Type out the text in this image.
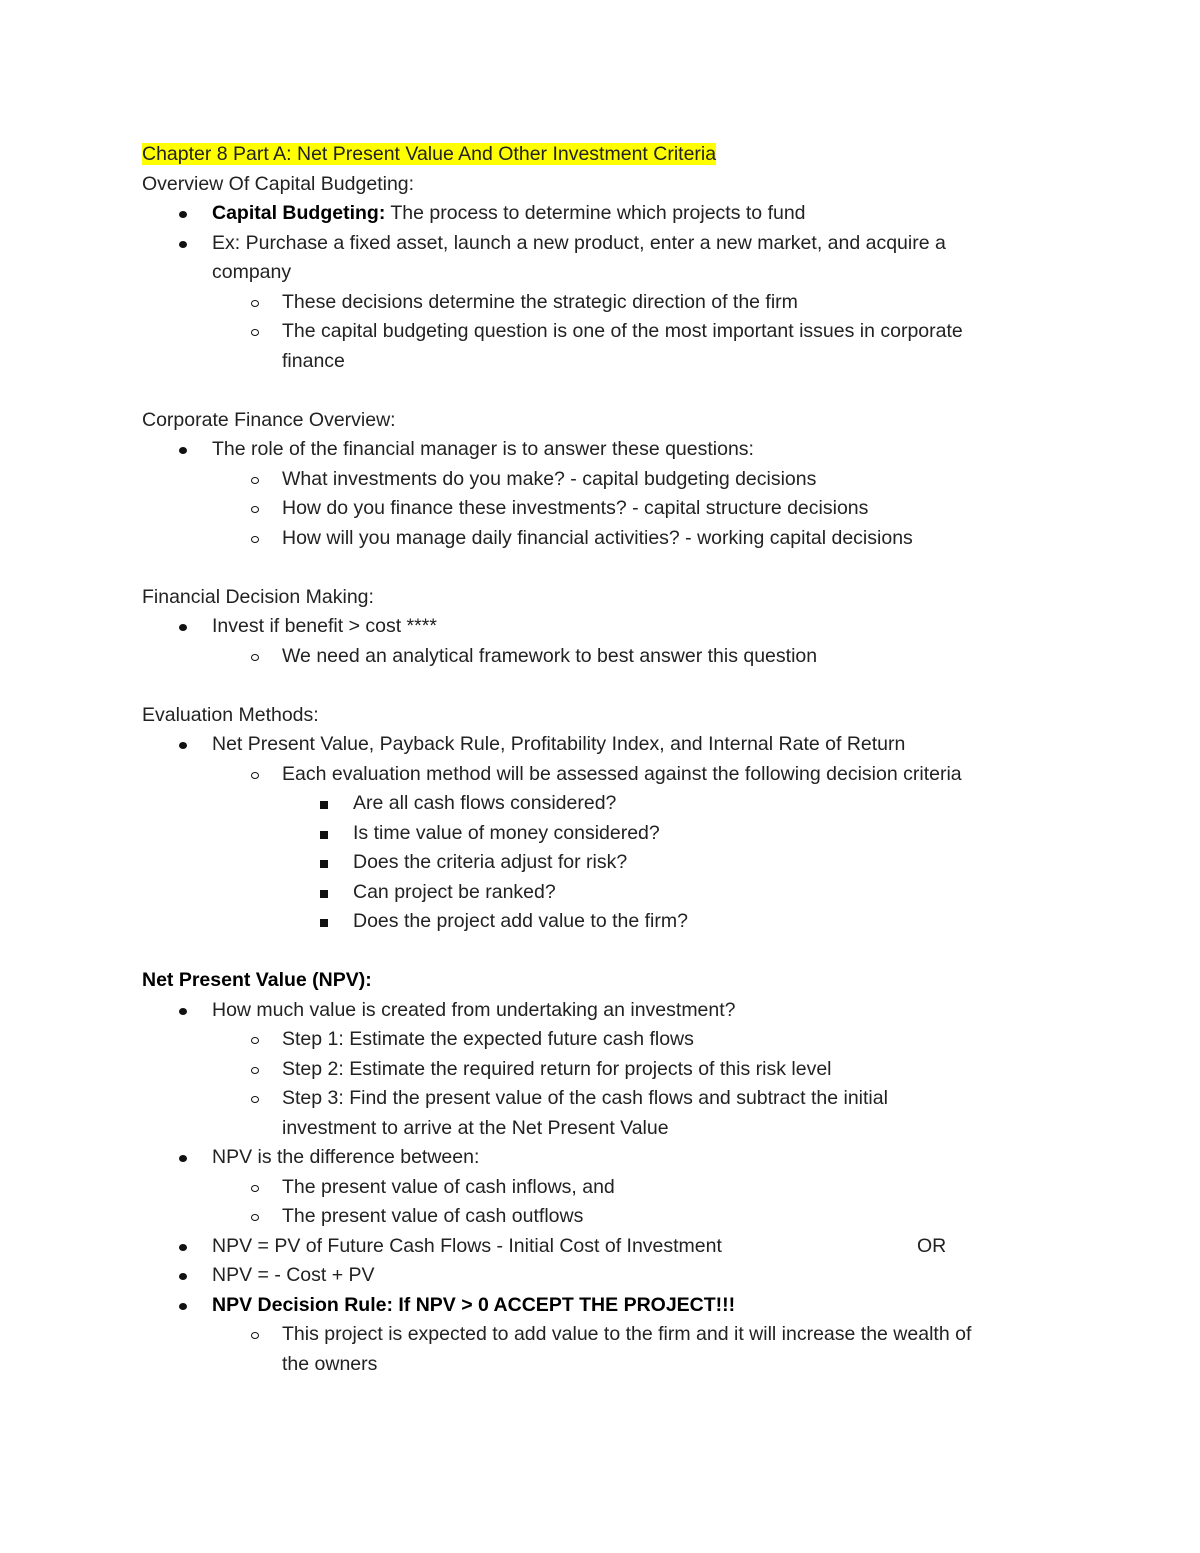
Chapter 8 Part A: Net Present Value And Other Investment Criteria
Overview Of Capital Budgeting:
Capital Budgeting: The process to determine which projects to fund
Ex: Purchase a fixed asset, launch a new product, enter a new market, and acquire a
company
These decisions determine the strategic direction of the firm
The capital budgeting question is one of the most important issues in corporate
finance
Corporate Finance Overview:
The role of the financial manager is to answer these questions:
What investments do you make? - capital budgeting decisions
How do you finance these investments? - capital structure decisions
How will you manage daily financial activities? - working capital decisions
Financial Decision Making:
Invest if benefit > cost ****
We need an analytical framework to best answer this question
Evaluation Methods:
Net Present Value, Payback Rule, Profitability Index, and Internal Rate of Return
Each evaluation method will be assessed against the following decision criteria
Are all cash flows considered?
Is time value of money considered?
Does the criteria adjust for risk?
Can project be ranked?
Does the project add value to the firm?
Net Present Value (NPV):
How much value is created from undertaking an investment?
Step 1: Estimate the expected future cash flows
Step 2: Estimate the required return for projects of this risk level
Step 3: Find the present value of the cash flows and subtract the initial
investment to arrive at the Net Present Value
NPV is the difference between:
The present value of cash inflows, and
The present value of cash outflows
NPV = PV of Future Cash Flows - Initial Cost of Investment	OR
NPV = - Cost + PV
NPV Decision Rule: If NPV > 0 ACCEPT THE PROJECT!!!
This project is expected to add value to the firm and it will increase the wealth of
the owners
